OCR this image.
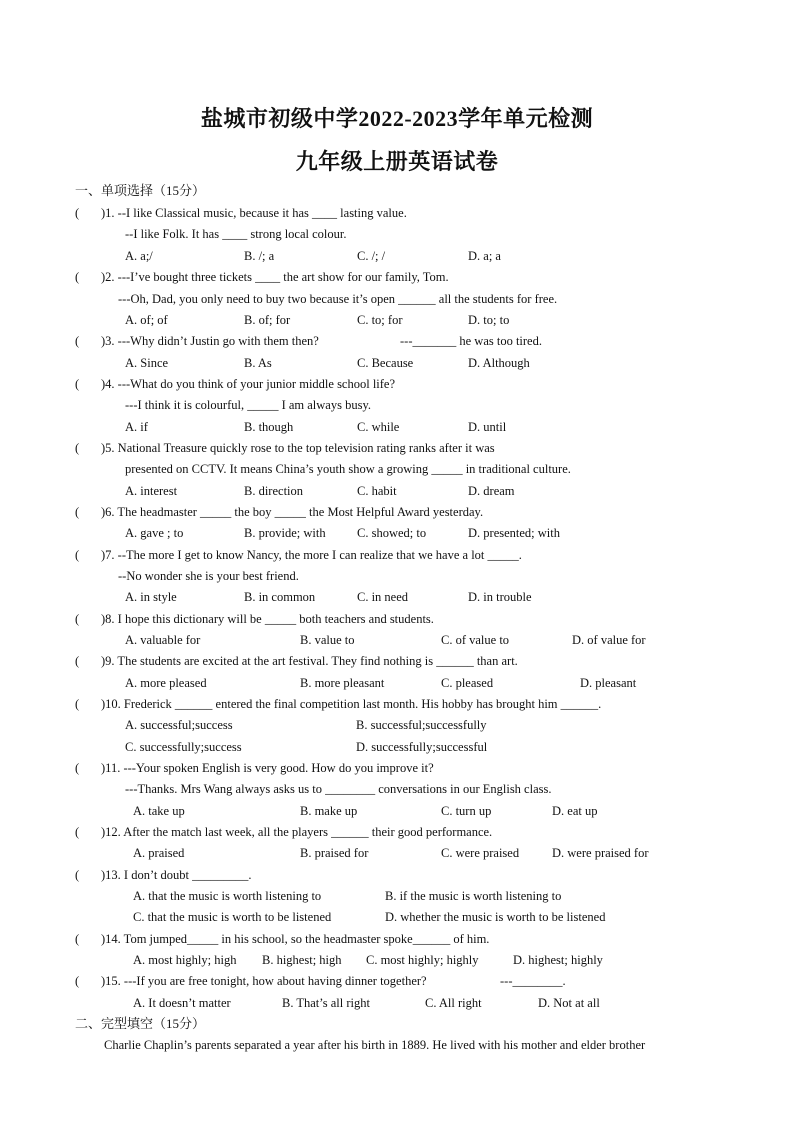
盐城市初级中学2022-2023学年单元检测
九年级上册英语试卷
一、单项选择（15分）
( )1. --I like Classical music, because it has ____ lasting value.
--I like Folk. It has ____ strong local colour.
A. a;/	B. /; a	C. /; /	D. a; a
( )2. ---I’ve bought three tickets ____ the art show for our family, Tom.
---Oh, Dad, you only need to buy two because it’s open ______ all the students for free.
A. of; of	B. of; for	C. to; for	D. to; to
( )3. ---Why didn’t Justin go with them then?	---_______ he was too tired.
A. Since	B. As	C. Because	D. Although
( )4. ---What do you think of your junior middle school life?
---I think it is colourful, _____ I am always busy.
A. if	B. though	C. while	D. until
( )5. National Treasure quickly rose to the top television rating ranks after it was
presented on CCTV. It means China’s youth show a growing _____ in traditional culture.
A. interest	B. direction	C. habit	D. dream
( )6. The headmaster _____ the boy _____ the Most Helpful Award yesterday.
A. gave ; to	B. provide; with	C. showed; to	D. presented; with
( )7. --The more I get to know Nancy, the more I can realize that we have a lot _____.
--No wonder she is your best friend.
A. in style	B. in common	C. in need	D. in trouble
( )8. I hope this dictionary will be _____ both teachers and students.
A. valuable for	B. value to	C. of value to	D. of value for
( )9. The students are excited at the art festival. They find nothing is ______ than art.
A. more pleased	B. more pleasant	C. pleased	D. pleasant
( )10. Frederick ______ entered the final competition last month. His hobby has brought him ______.
A. successful;success	B. successful;successfully
C. successfully;success	D. successfully;successful
( )11. ---Your spoken English is very good. How do you improve it?
---Thanks. Mrs Wang always asks us to ________ conversations in our English class.
A. take up	B. make up	C. turn up	D. eat up
( )12. After the match last week, all the players ______ their good performance.
A. praised	B. praised for	C. were praised	D. were praised for
( )13. I don’t doubt _________.
A. that the music is worth listening to	B. if the music is worth listening to
C. that the music is worth to be listened	D. whether the music is worth to be listened
( )14. Tom jumped_____ in his school, so the headmaster spoke______ of him.
A. most highly; high B. highest; high C. most highly; highly	D. highest; highly
( )15. ---If you are free tonight, how about having dinner together?	---________.
A. It doesn’t matter	B. That’s all right	C. All right	D. Not at all
二、完型填空（15分）
Charlie Chaplin’s parents separated a year after his birth in 1889. He lived with his mother and elder brother
